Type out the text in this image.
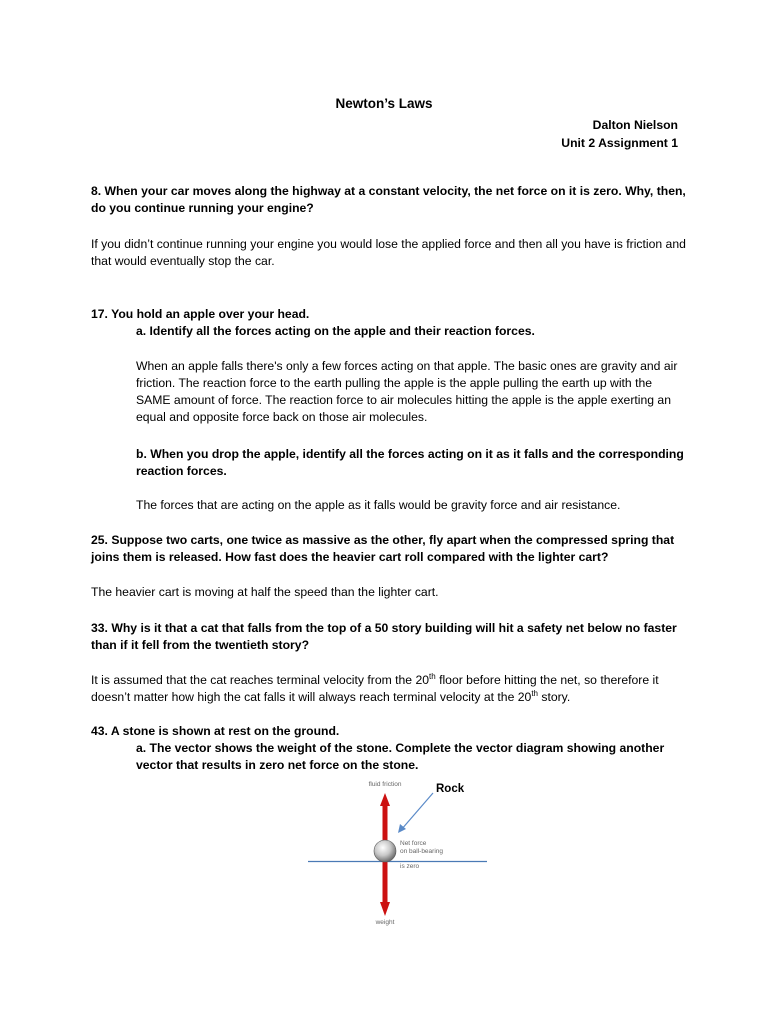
Newton’s Laws
Dalton Nielson
Unit 2 Assignment 1

8. When your car moves along the highway at a constant velocity, the net force on it is zero. Why, then, do you continue running your engine?

If you didn’t continue running your engine you would lose the applied force and then all you have is friction and that would eventually stop the car.

17. You hold an apple over your head.

a. Identify all the forces acting on the apple and their reaction forces.

When an apple falls there's only a few forces acting on that apple. The basic ones are gravity and air friction. The reaction force to the earth pulling the apple is the apple pulling the earth up with the SAME amount of force. The reaction force to air molecules hitting the apple is the apple exerting an equal and opposite force back on those air molecules.

b. When you drop the apple, identify all the forces acting on it as it falls and the corresponding reaction forces.

The forces that are acting on the apple as it falls would be gravity force and air resistance.

25. Suppose two carts, one twice as massive as the other, fly apart when the compressed spring that joins them is released. How fast does the heavier cart roll compared with the lighter cart?

The heavier cart is moving at half the speed than the lighter cart.

33. Why is it that a cat that falls from the top of a 50 story building will hit a safety net below no faster than if it fell from the twentieth story?

It is assumed that the cat reaches terminal velocity from the 20th floor before hitting the net, so therefore it doesn’t matter how high the cat falls it will always reach terminal velocity at the 20th story.

43. A stone is shown at rest on the ground.

a. The vector shows the weight of the stone. Complete the vector diagram showing another vector that results in zero net force on the stone.

fluid friction	Rock
Net force
on ball-bearing
is zero
weight
